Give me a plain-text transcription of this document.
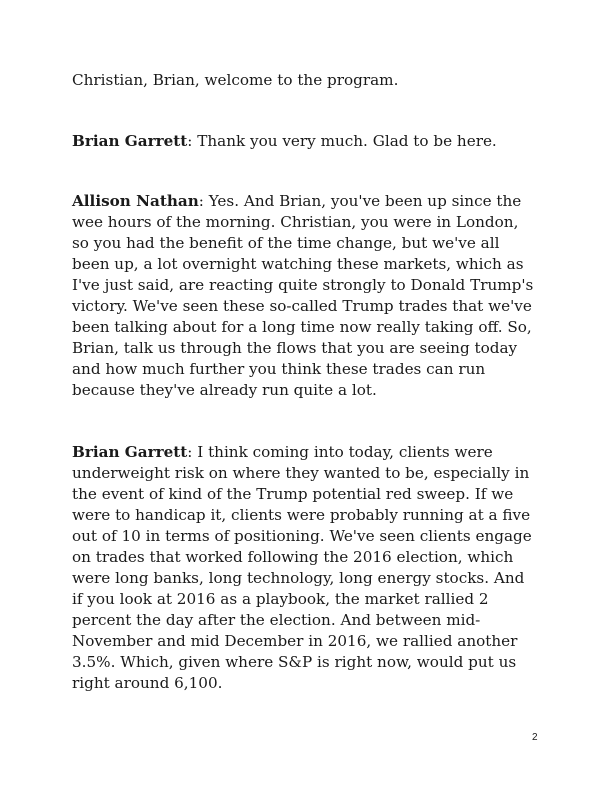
Christian, Brian, welcome to the program.

Brian Garrett: Thank you very much. Glad to be here.

Allison Nathan: Yes. And Brian, you've been up since the
wee hours of the morning. Christian, you were in London,
so you had the benefit of the time change, but we've all
been up, a lot overnight watching these markets, which as
I've just said, are reacting quite strongly to Donald Trump's
victory. We've seen these so-called Trump trades that we've
been talking about for a long time now really taking off. So,
Brian, talk us through the flows that you are seeing today
and how much further you think these trades can run
because they've already run quite a lot.

Brian Garrett: I think coming into today, clients were
underweight risk on where they wanted to be, especially in
the event of kind of the Trump potential red sweep. If we
were to handicap it, clients were probably running at a five
out of 10 in terms of positioning. We've seen clients engage
on trades that worked following the 2016 election, which
were long banks, long technology, long energy stocks. And
if you look at 2016 as a playbook, the market rallied 2
percent the day after the election. And between mid-
November and mid December in 2016, we rallied another
3.5%. Which, given where S&P is right now, would put us
right around 6,100.

2
